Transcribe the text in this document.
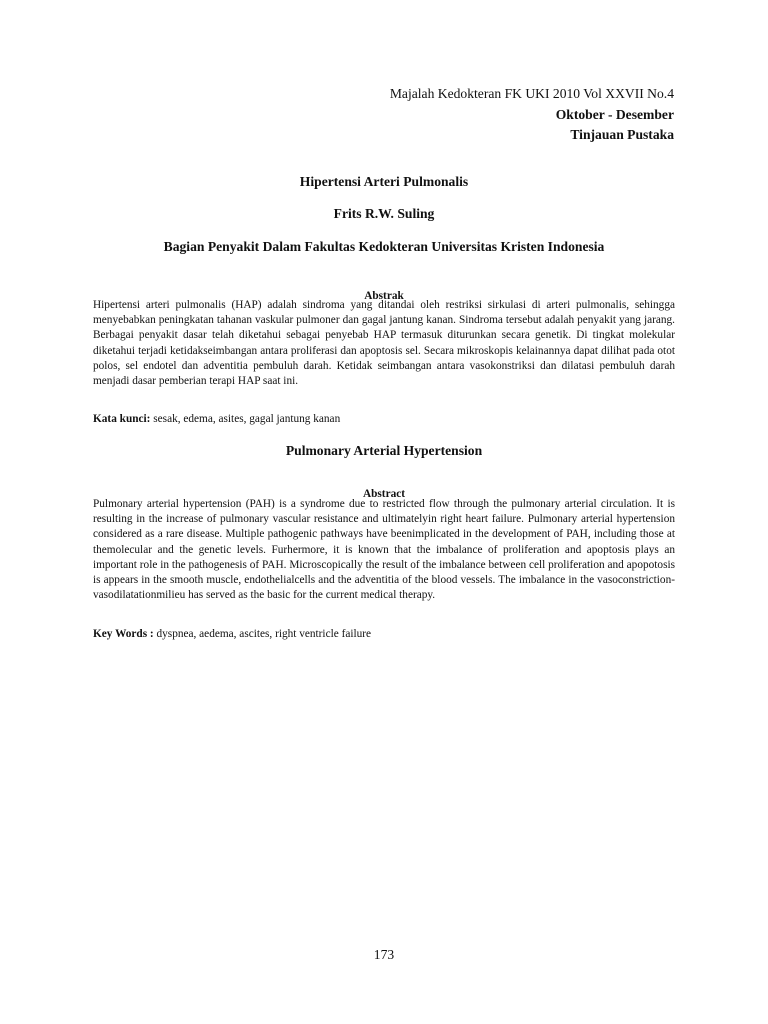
Majalah Kedokteran FK UKI 2010 Vol XXVII No.4
Oktober - Desember
Tinjauan Pustaka
Hipertensi Arteri Pulmonalis
Frits R.W. Suling
Bagian Penyakit Dalam Fakultas Kedokteran Universitas Kristen Indonesia
Abstrak
Hipertensi arteri pulmonalis (HAP) adalah sindroma yang ditandai oleh restriksi sirkulasi di arteri pulmonalis, sehingga menyebabkan peningkatan tahanan vaskular pulmoner dan gagal jantung kanan. Sindroma tersebut adalah penyakit yang jarang. Berbagai penyakit dasar telah diketahui sebagai penyebab HAP termasuk diturunkan secara genetik. Di tingkat molekular diketahui terjadi ketidakseimbangan antara proliferasi dan apoptosis sel. Secara mikroskopis kelainannya dapat dilihat pada otot polos, sel endotel dan adventitia pembuluh darah. Ketidak seimbangan antara vasokonstriksi dan dilatasi pembuluh darah menjadi dasar pemberian terapi HAP saat ini.
Kata kunci: sesak, edema, asites, gagal jantung kanan
Pulmonary Arterial Hypertension
Abstract
Pulmonary arterial hypertension (PAH) is a syndrome due to restricted flow through the pulmonary arterial circulation. It is resulting in the increase of pulmonary vascular resistance and ultimatelyin right heart failure. Pulmonary arterial hypertension considered as a rare disease. Multiple pathogenic pathways have beenimplicated in the development of PAH, including those at themolecular and the genetic levels. Furhermore, it is known that the imbalance of proliferation and apoptosis plays an important role in the pathogenesis of PAH. Microscopically the result of the imbalance between cell proliferation and apopotosis is appears in the smooth muscle, endothelialcells and the adventitia of the blood vessels. The imbalance in the vasoconstriction-vasodilatationmilieu has served as the basic for the current medical therapy.
Key Words : dyspnea, aedema, ascites, right ventricle failure
173
